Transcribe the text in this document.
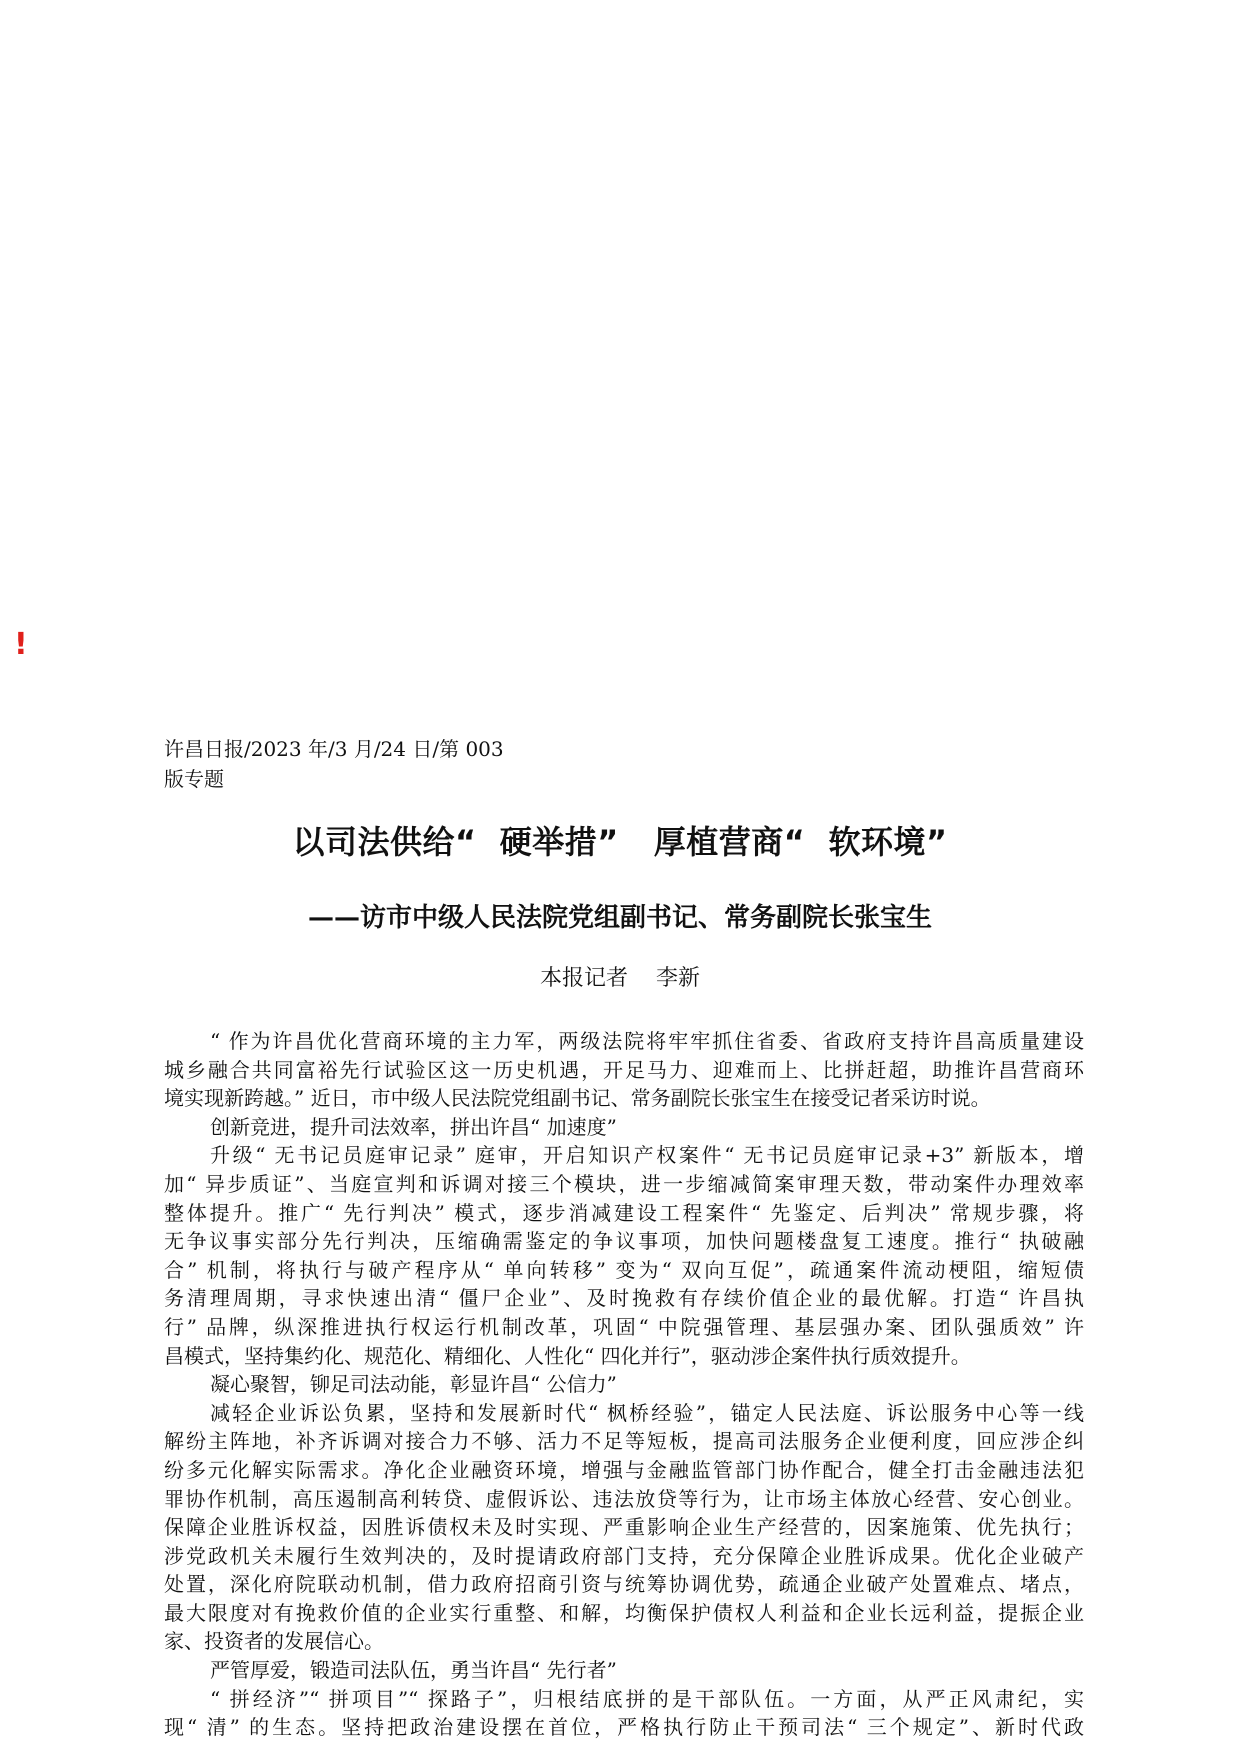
!
许昌日报/2023 年/3 月/24 日/第 003
版专题
以司法供给“  硬举措”   厚植营商“  软环境”
——访市中级人民法院党组副书记、常务副院长张宝生
本报记者    李新
“ 作为许昌优化营商环境的主力军，两级法院将牢牢抓住省委、省政府支持许昌高质量建设
城乡融合共同富裕先行试验区这一历史机遇，开足马力、迎难而上、比拼赶超，助推许昌营商环
境实现新跨越。” 近日，市中级人民法院党组副书记、常务副院长张宝生在接受记者采访时说。
创新竞进，提升司法效率，拼出许昌“ 加速度”
升级“ 无书记员庭审记录” 庭审，开启知识产权案件“ 无书记员庭审记录+3” 新版本，增
加“ 异步质证”、当庭宣判和诉调对接三个模块，进一步缩减简案审理天数，带动案件办理效率
整体提升。推广“ 先行判决” 模式，逐步消减建设工程案件“ 先鉴定、后判决” 常规步骤，将
无争议事实部分先行判决，压缩确需鉴定的争议事项，加快问题楼盘复工速度。推行“ 执破融
合” 机制，将执行与破产程序从“ 单向转移” 变为“ 双向互促”，疏通案件流动梗阻，缩短债
务清理周期，寻求快速出清“ 僵尸企业”、及时挽救有存续价值企业的最优解。打造“ 许昌执
行” 品牌，纵深推进执行权运行机制改革，巩固“ 中院强管理、基层强办案、团队强质效” 许
昌模式，坚持集约化、规范化、精细化、人性化“ 四化并行”，驱动涉企案件执行质效提升。
凝心聚智，铆足司法动能，彰显许昌“ 公信力”
减轻企业诉讼负累，坚持和发展新时代“ 枫桥经验”，锚定人民法庭、诉讼服务中心等一线
解纷主阵地，补齐诉调对接合力不够、活力不足等短板，提高司法服务企业便利度，回应涉企纠
纷多元化解实际需求。净化企业融资环境，增强与金融监管部门协作配合，健全打击金融违法犯
罪协作机制，高压遏制高利转贷、虚假诉讼、违法放贷等行为，让市场主体放心经营、安心创业。
保障企业胜诉权益，因胜诉债权未及时实现、严重影响企业生产经营的，因案施策、优先执行；
涉党政机关未履行生效判决的，及时提请政府部门支持，充分保障企业胜诉成果。优化企业破产
处置，深化府院联动机制，借力政府招商引资与统筹协调优势，疏通企业破产处置难点、堵点，
最大限度对有挽救价值的企业实行重整、和解，均衡保护债权人利益和企业长远利益，提振企业
家、投资者的发展信心。
严管厚爱，锻造司法队伍，勇当许昌“ 先行者”
“ 拼经济”“ 拼项目”“ 探路子”，归根结底拼的是干部队伍。一方面，从严正风肃纪，实
现“ 清” 的生态。坚持把政治建设摆在首位，严格执行防止干预司法“ 三个规定”、新时代政
